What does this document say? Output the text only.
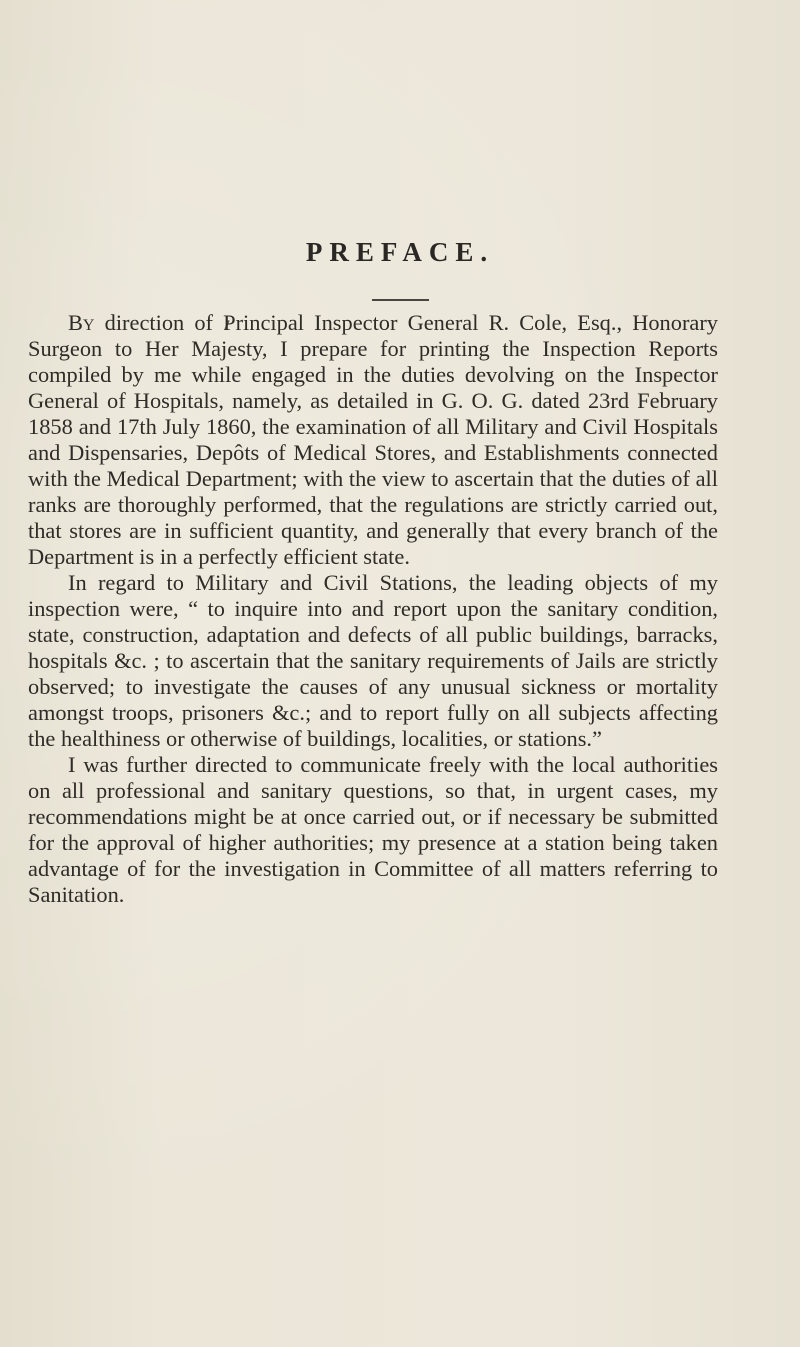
PREFACE.

By direction of Principal Inspector General R. Cole, Esq., Honorary Surgeon to Her Majesty, I prepare for printing the Inspection Reports compiled by me while engaged in the duties devolving on the Inspector General of Hospitals, namely, as detailed in G. O. G. dated 23rd February 1858 and 17th July 1860, the examination of all Military and Civil Hospitals and Dispensaries, Depôts of Medical Stores, and Establishments connected with the Medical Department; with the view to ascertain that the duties of all ranks are thoroughly performed, that the regulations are strictly carried out, that stores are in sufficient quantity, and generally that every branch of the Department is in a perfectly efficient state.

In regard to Military and Civil Stations, the leading objects of my inspection were, “ to inquire into and report upon the sanitary condition, state, construction, adaptation and defects of all public buildings, barracks, hospitals &c. ; to ascertain that the sanitary requirements of Jails are strictly observed; to investigate the causes of any unusual sickness or mortality amongst troops, prisoners &c.; and to report fully on all subjects affecting the healthiness or otherwise of buildings, localities, or stations.”

I was further directed to communicate freely with the local authorities on all professional and sanitary questions, so that, in urgent cases, my recommendations might be at once carried out, or if necessary be submitted for the approval of higher authorities; my presence at a station being taken advantage of for the investigation in Committee of all matters referring to Sanitation.
